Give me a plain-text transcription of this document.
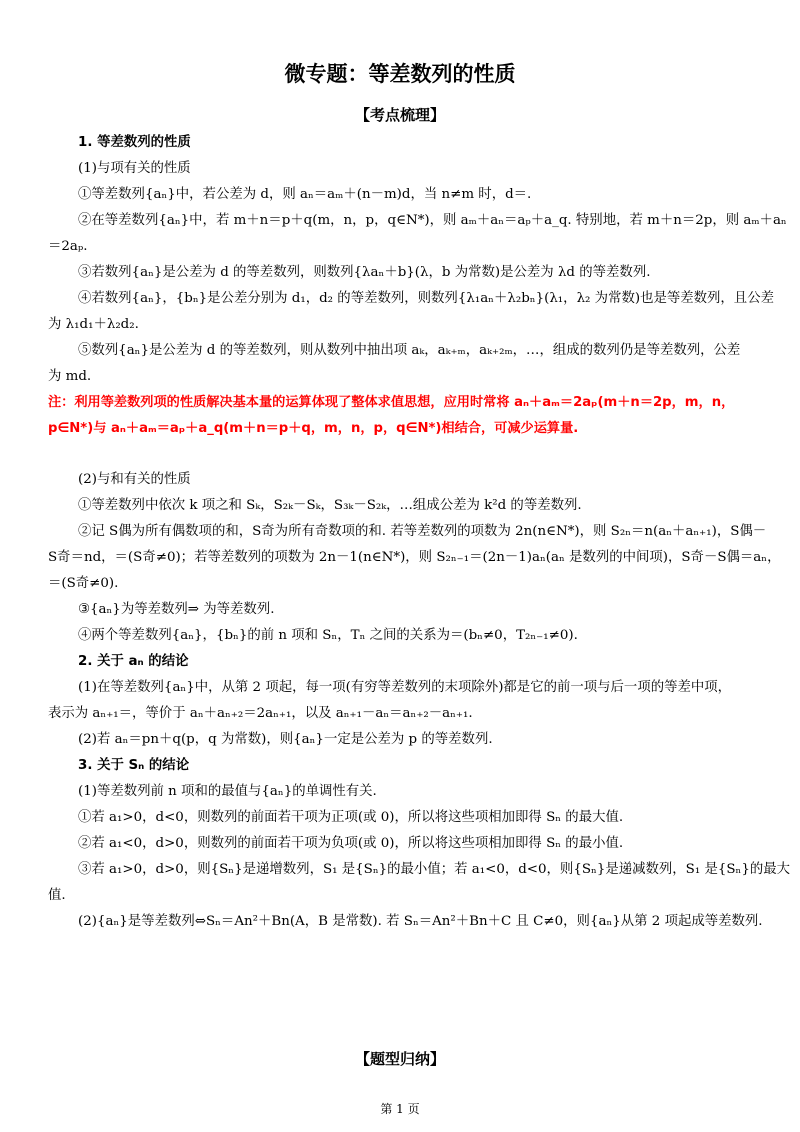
微专题：等差数列的性质
【考点梳理】
1. 等差数列的性质
(1)与项有关的性质
①等差数列{aₙ}中，若公差为 d，则 aₙ＝aₘ＋(n－m)d，当 n≠m 时，d＝.
②在等差数列{aₙ}中，若 m＋n＝p＋q(m，n，p，q∈N*)，则 aₘ＋aₙ＝aₚ＋a_q. 特别地，若 m＋n＝2p，则 aₘ＋aₙ
＝2aₚ.
③若数列{aₙ}是公差为 d 的等差数列，则数列{λaₙ＋b}(λ，b 为常数)是公差为 λd 的等差数列.
④若数列{aₙ}，{bₙ}是公差分别为 d₁，d₂ 的等差数列，则数列{λ₁aₙ＋λ₂bₙ}(λ₁，λ₂ 为常数)也是等差数列，且公差
为 λ₁d₁＋λ₂d₂.
⑤数列{aₙ}是公差为 d 的等差数列，则从数列中抽出项 aₖ，aₖ₊ₘ，aₖ₊₂ₘ，…，组成的数列仍是等差数列，公差
为 md.
注：利用等差数列项的性质解决基本量的运算体现了整体求值思想，应用时常将 aₙ＋aₘ＝2aₚ(m＋n＝2p，m，n，
p∈N*)与 aₙ＋aₘ＝aₚ＋a_q(m＋n＝p＋q，m，n，p，q∈N*)相结合，可减少运算量.
(2)与和有关的性质
①等差数列中依次 k 项之和 Sₖ，S₂ₖ－Sₖ，S₃ₖ－S₂ₖ，…组成公差为 k²d 的等差数列.
②记 S偶为所有偶数项的和，S奇为所有奇数项的和. 若等差数列的项数为 2n(n∈N*)，则 S₂ₙ＝n(aₙ＋aₙ₊₁)，S偶－
S奇＝nd，＝(S奇≠0)；若等差数列的项数为 2n－1(n∈N*)，则 S₂ₙ₋₁＝(2n－1)aₙ(aₙ 是数列的中间项)，S奇－S偶＝aₙ，
＝(S奇≠0).
③{aₙ}为等差数列⇒ 为等差数列.
④两个等差数列{aₙ}，{bₙ}的前 n 项和 Sₙ，Tₙ 之间的关系为＝(bₙ≠0，T₂ₙ₋₁≠0).
2. 关于 aₙ 的结论
(1)在等差数列{aₙ}中，从第 2 项起，每一项(有穷等差数列的末项除外)都是它的前一项与后一项的等差中项，
表示为 aₙ₊₁＝，等价于 aₙ＋aₙ₊₂＝2aₙ₊₁，以及 aₙ₊₁－aₙ＝aₙ₊₂－aₙ₊₁.
(2)若 aₙ＝pn＋q(p，q 为常数)，则{aₙ}一定是公差为 p 的等差数列.
3. 关于 Sₙ 的结论
(1)等差数列前 n 项和的最值与{aₙ}的单调性有关.
①若 a₁>0，d<0，则数列的前面若干项为正项(或 0)，所以将这些项相加即得 Sₙ 的最大值.
②若 a₁<0，d>0，则数列的前面若干项为负项(或 0)，所以将这些项相加即得 Sₙ 的最小值.
③若 a₁>0，d>0，则{Sₙ}是递增数列，S₁ 是{Sₙ}的最小值；若 a₁<0，d<0，则{Sₙ}是递减数列，S₁ 是{Sₙ}的最大
值.
(2){aₙ}是等差数列⇔Sₙ＝An²＋Bn(A，B 是常数). 若 Sₙ＝An²＋Bn＋C 且 C≠0，则{aₙ}从第 2 项起成等差数列.
【题型归纳】
第 1 页
